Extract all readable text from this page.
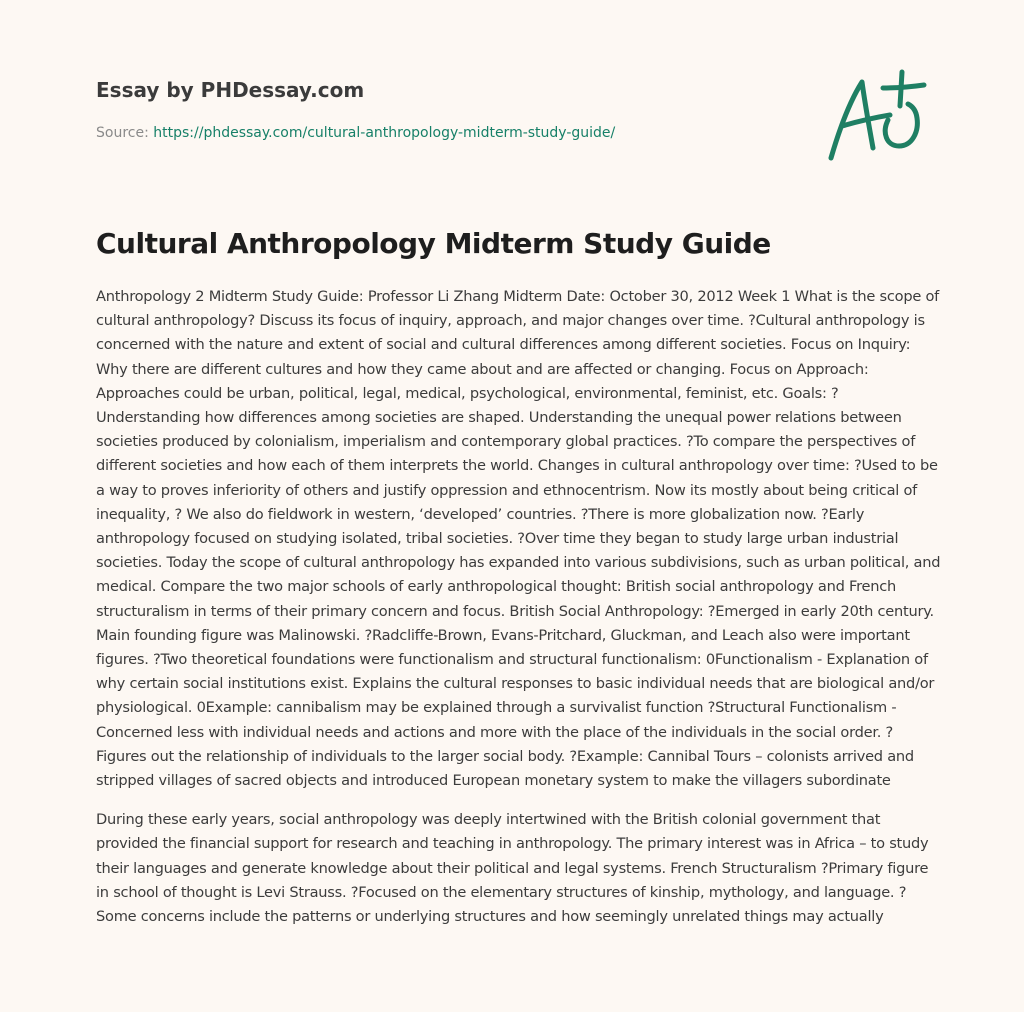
Essay by PHDessay.com
Source: https://phdessay.com/cultural-anthropology-midterm-study-guide/
Cultural Anthropology Midterm Study Guide

Anthropology 2 Midterm Study Guide: Professor Li Zhang Midterm Date: October 30, 2012 Week 1 What is the scope of cultural anthropology? Discuss its focus of inquiry, approach, and major changes over time. ?Cultural anthropology is concerned with the nature and extent of social and cultural differences among different societies. Focus on Inquiry: Why there are different cultures and how they came about and are affected or changing. Focus on Approach: Approaches could be urban, political, legal, medical, psychological, environmental, feminist, etc. Goals: ?Understanding how differences among societies are shaped. Understanding the unequal power relations between societies produced by colonialism, imperialism and contemporary global practices. ?To compare the perspectives of different societies and how each of them interprets the world. Changes in cultural anthropology over time: ?Used to be a way to proves inferiority of others and justify oppression and ethnocentrism. Now its mostly about being critical of inequality, ? We also do fieldwork in western, ‘developed’ countries. ?There is more globalization now. ?Early anthropology focused on studying isolated, tribal societies. ?Over time they began to study large urban industrial societies. Today the scope of cultural anthropology has expanded into various subdivisions, such as urban political, and medical. Compare the two major schools of early anthropological thought: British social anthropology and French structuralism in terms of their primary concern and focus. British Social Anthropology: ?Emerged in early 20th century. Main founding figure was Malinowski. ?Radcliffe-Brown, Evans-Pritchard, Gluckman, and Leach also were important figures. ?Two theoretical foundations were functionalism and structural functionalism: 0Functionalism - Explanation of why certain social institutions exist. Explains the cultural responses to basic individual needs that are biological and/or physiological. 0Example: cannibalism may be explained through a survivalist function ?Structural Functionalism - Concerned less with individual needs and actions and more with the place of the individuals in the social order. ?Figures out the relationship of individuals to the larger social body. ?Example: Cannibal Tours – colonists arrived and stripped villages of sacred objects and introduced European monetary system to make the villagers subordinate

During these early years, social anthropology was deeply intertwined with the British colonial government that provided the financial support for research and teaching in anthropology. The primary interest was in Africa – to study their languages and generate knowledge about their political and legal systems. French Structuralism ?Primary figure in school of thought is Levi Strauss. ?Focused on the elementary structures of kinship, mythology, and language. ?Some concerns include the patterns or underlying structures and how seemingly unrelated things may actually
